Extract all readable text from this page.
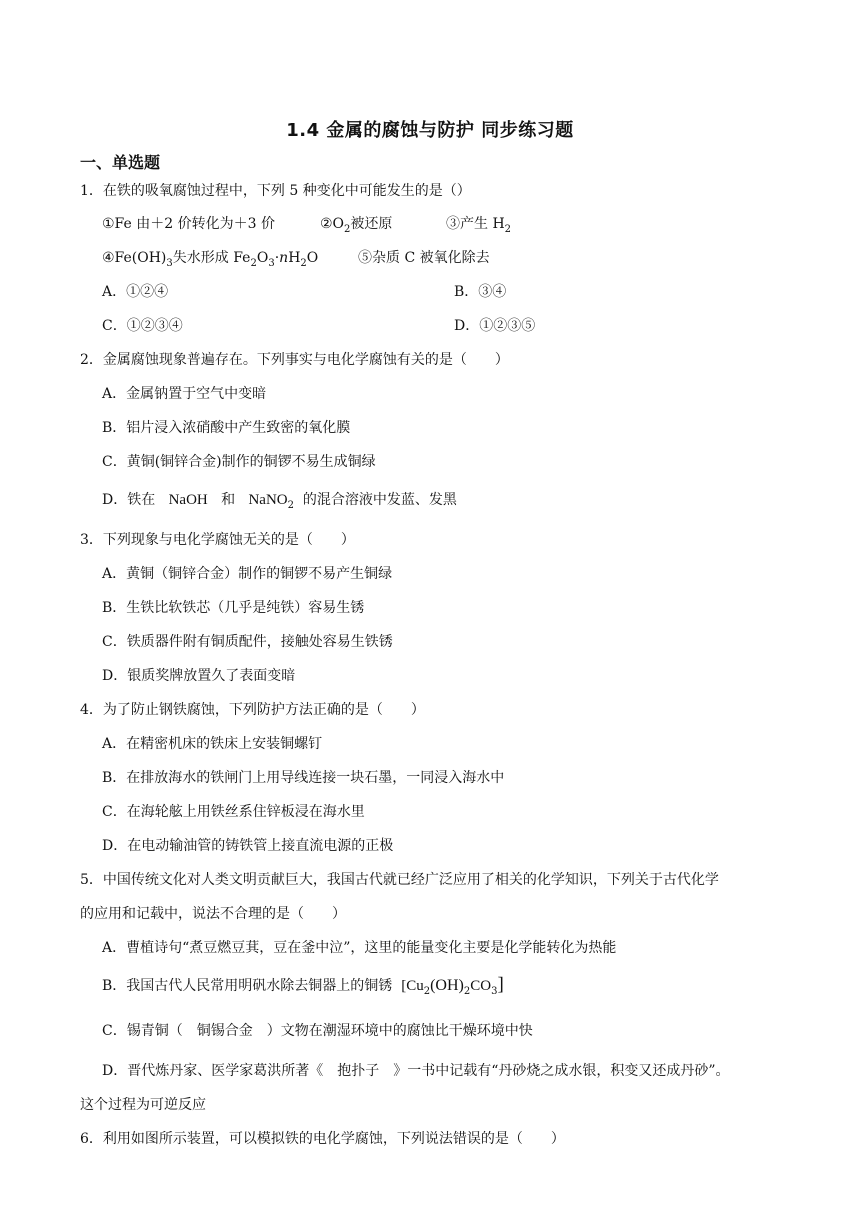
1.4 金属的腐蚀与防护 同步练习题
一、单选题
1．在铁的吸氧腐蚀过程中，下列 5 种变化中可能发生的是（）
①Fe 由＋2 价转化为＋3 价	$②O_2$被还原	③产生 $H_2$
$④Fe(OH)_3$失水形成 $Fe_2O_3\cdot nH_2O$	⑤杂质 C 被氧化除去
A．①②④	B．③④
C．①②③④	D．①②③⑤
2．金属腐蚀现象普遍存在。下列事实与电化学腐蚀有关的是（　　）
A．金属钠置于空气中变暗
B．铝片浸入浓硝酸中产生致密的氧化膜
C．黄铜(铜锌合金)制作的铜锣不易生成铜绿
D．铁在 NaOH 和 NaNO$_2$ 的混合溶液中发蓝、发黑
3．下列现象与电化学腐蚀无关的是（　　）
A．黄铜（铜锌合金）制作的铜锣不易产生铜绿
B．生铁比软铁芯（几乎是纯铁）容易生锈
C．铁质器件附有铜质配件，接触处容易生铁锈
D．银质奖牌放置久了表面变暗
4．为了防止钢铁腐蚀，下列防护方法正确的是（　　）
A．在精密机床的铁床上安装铜螺钉
B．在排放海水的铁闸门上用导线连接一块石墨，一同浸入海水中
C．在海轮舷上用铁丝系住锌板浸在海水里
D．在电动输油管的铸铁管上接直流电源的正极
5．中国传统文化对人类文明贡献巨大，我国古代就已经广泛应用了相关的化学知识，下列关于古代化学
的应用和记载中，说法不合理的是（　　）
A．曹植诗句“煮豆燃豆萁，豆在釜中泣”，这里的能量变化主要是化学能转化为热能
B．我国古代人民常用明矾水除去铜器上的铜锈 $[Cu_2(OH)_2CO_3]$
C．锡青铜（　铜锡合金　）文物在潮湿环境中的腐蚀比干燥环境中快
D．晋代炼丹家、医学家葛洪所著《　抱扑子　》一书中记载有“丹砂烧之成水银，积变又还成丹砂”。
这个过程为可逆反应
6．利用如图所示装置，可以模拟铁的电化学腐蚀，下列说法错误的是（　　）
